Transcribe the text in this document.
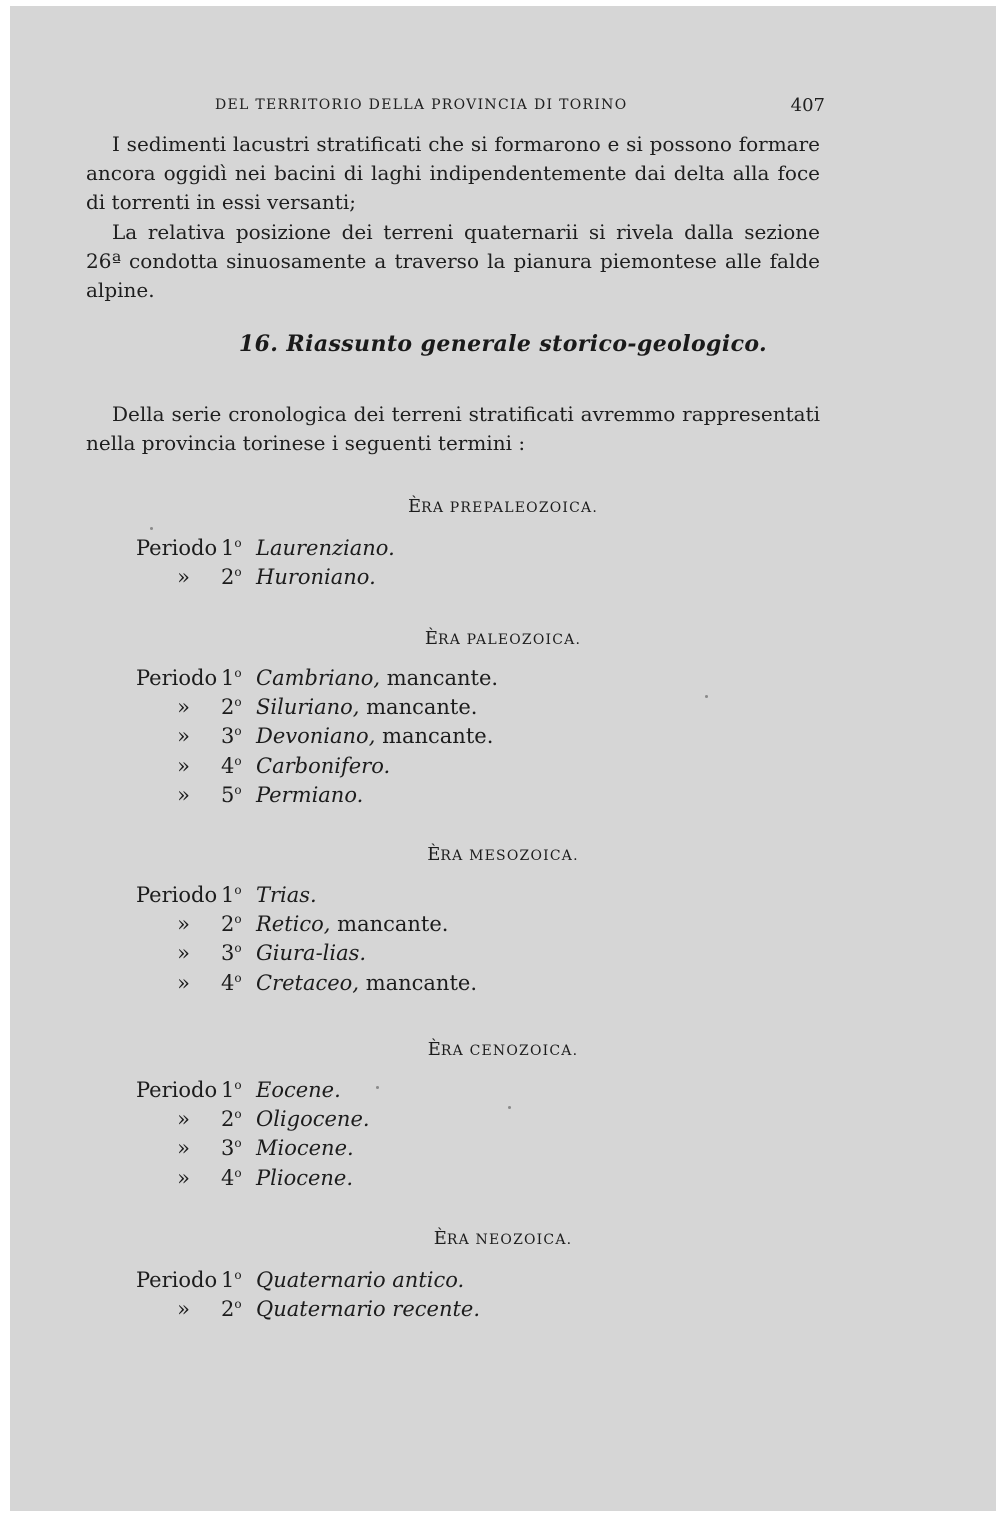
DEL TERRITORIO DELLA PROVINCIA DI TORINO	407
I sedimenti lacustri stratificati che si formarono e si possono formare ancora oggidì nei bacini di laghi indipendentemente dai delta alla foce di torrenti in essi versanti;
La relativa posizione dei terreni quaternarii si rivela dalla sezione 26ª condotta sinuosamente a traverso la pianura piemontese alle falde alpine.
16. Riassunto generale storico-geologico.
Della serie cronologica dei terreni stratificati avremmo rappresentati nella provincia torinese i seguenti termini :
ÈRA PREPALEOZOICA.
Periodo 1$^o$ Laurenziano.
» 2$^o$ Huroniano.
ÈRA PALEOZOICA.
Periodo 1$^o$ Cambriano, mancante.
» 2$^o$ Siluriano, mancante.
» 3$^o$ Devoniano, mancante.
» 4$^o$ Carbonifero.
» 5$^o$ Permiano.
ÈRA MESOZOICA.
Periodo 1$^o$ Trias.
» 2$^o$ Retico, mancante.
» 3$^o$ Giura-lias.
» 4$^o$ Cretaceo, mancante.
ÈRA CENOZOICA.
Periodo 1$^o$ Eocene.
» 2$^o$ Oligocene.
» 3$^o$ Miocene.
» 4$^o$ Pliocene.
ÈRA NEOZOICA.
Periodo 1$^o$ Quaternario antico.
» 2$^o$ Quaternario recente.
